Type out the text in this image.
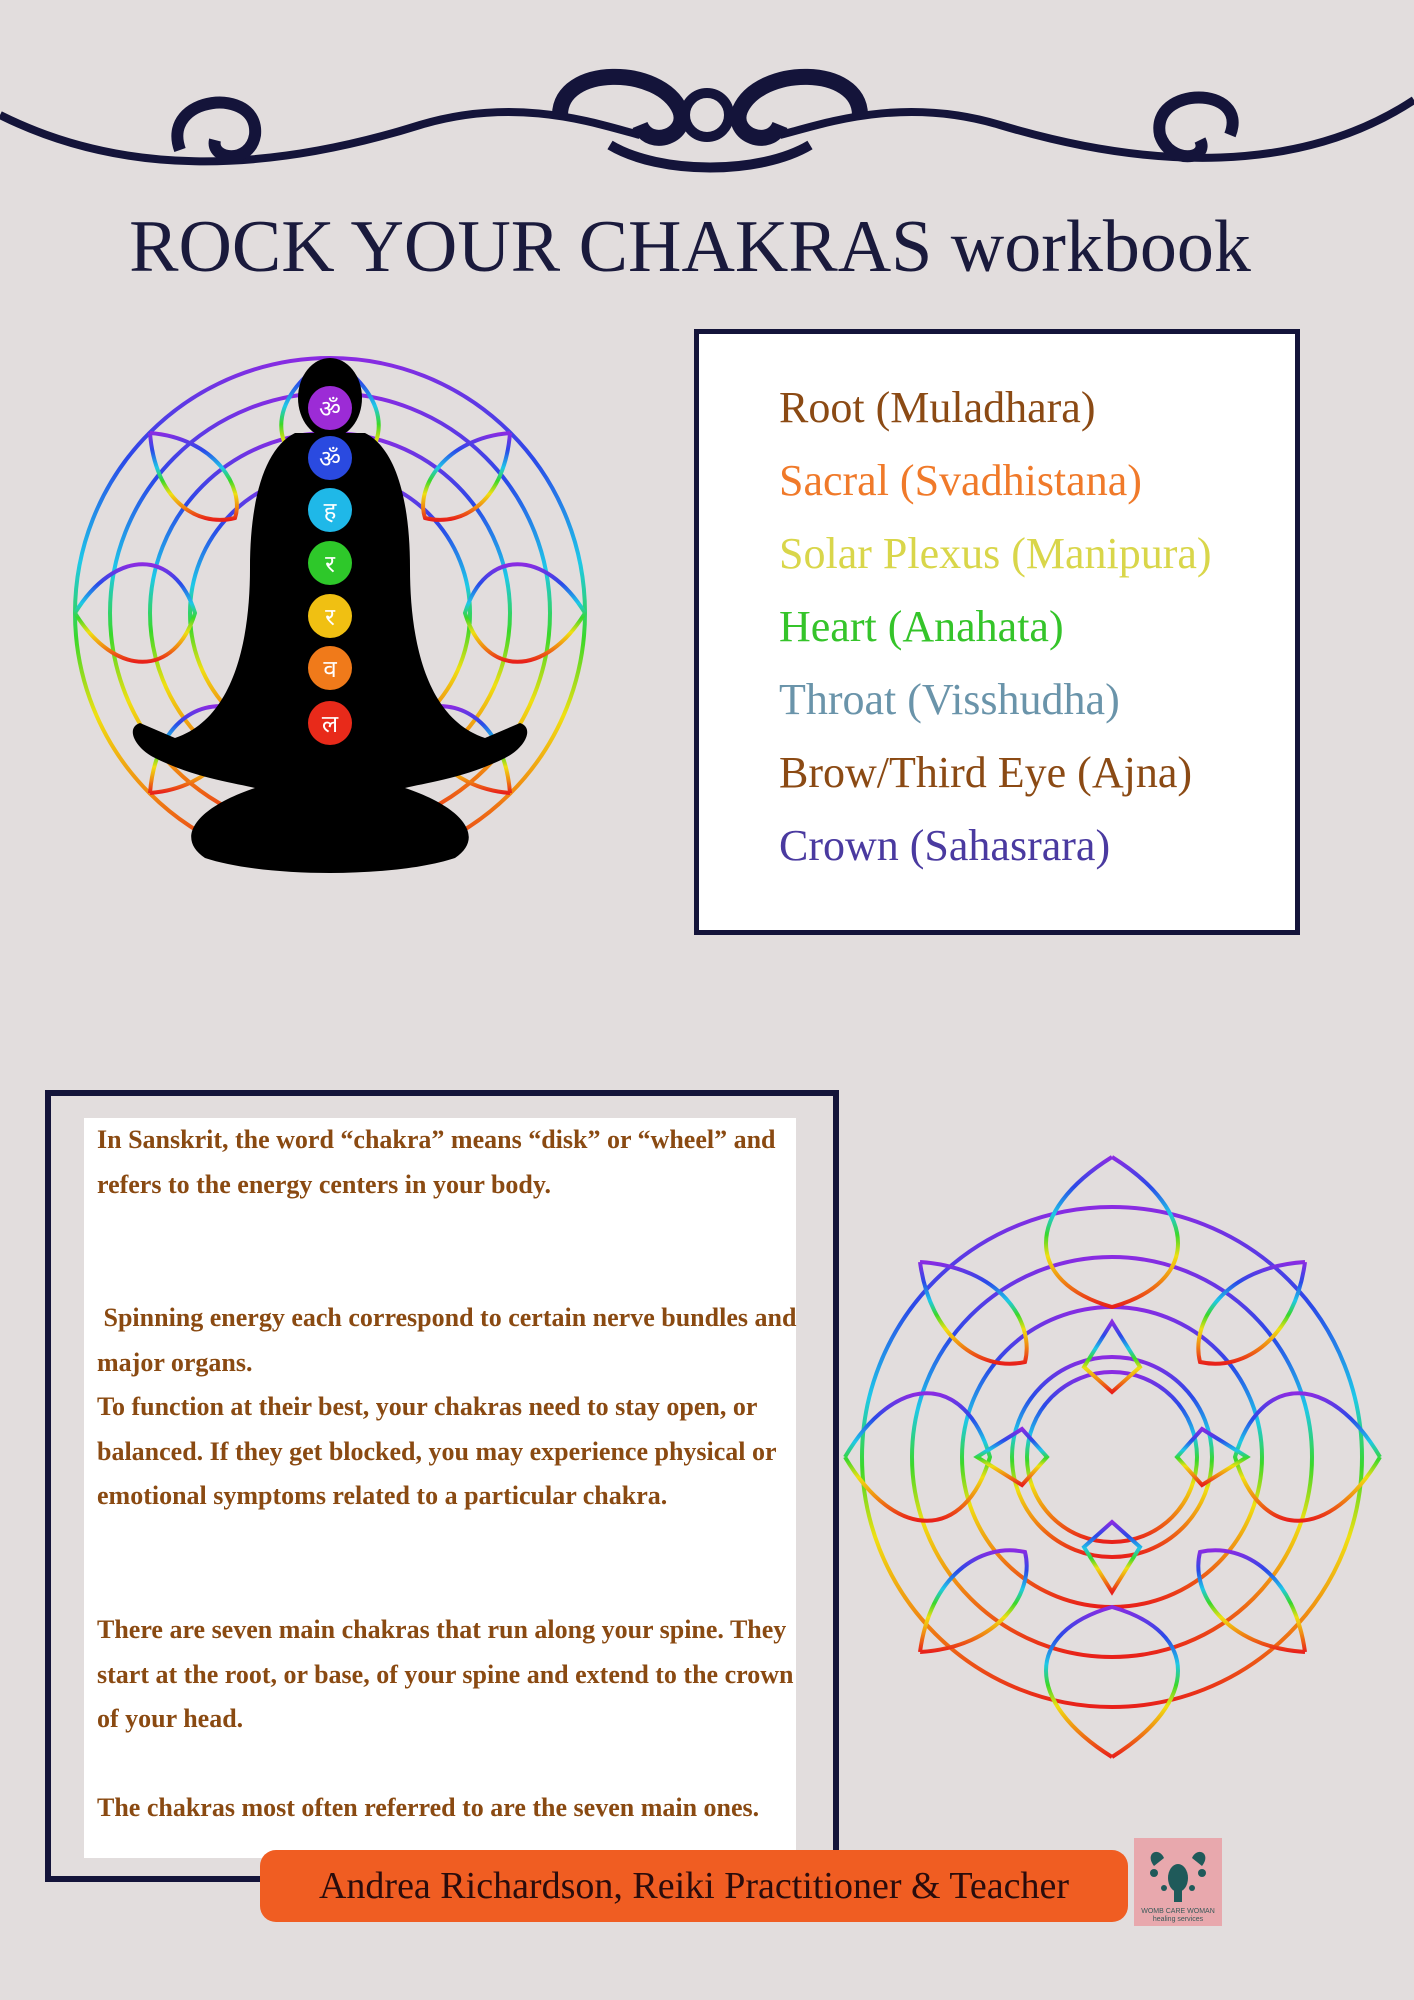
ROCK YOUR CHAKRAS workbook
ॐ
ॐ
ह
र
र
व
ल
Root (Muladhara)
Sacral (Svadhistana)
Solar Plexus (Manipura)
Heart (Anahata)
Throat (Visshudha)
Brow/Third Eye (Ajna)
Crown (Sahasrara)
In Sanskrit, the word “chakra” means “disk” or “wheel” and refers to the energy centers in your body.
Spinning energy each correspond to certain nerve bundles and major organs.
To function at their best, your chakras need to stay open, or balanced. If they get blocked, you may experience physical or emotional symptoms related to a particular chakra.
There are seven main chakras that run along your spine. They start at the root, or base, of your spine and extend to the crown of your head.
The chakras most often referred to are the seven main ones.
Andrea Richardson, Reiki Practitioner & Teacher
WOMB CARE WOMAN
healing services
